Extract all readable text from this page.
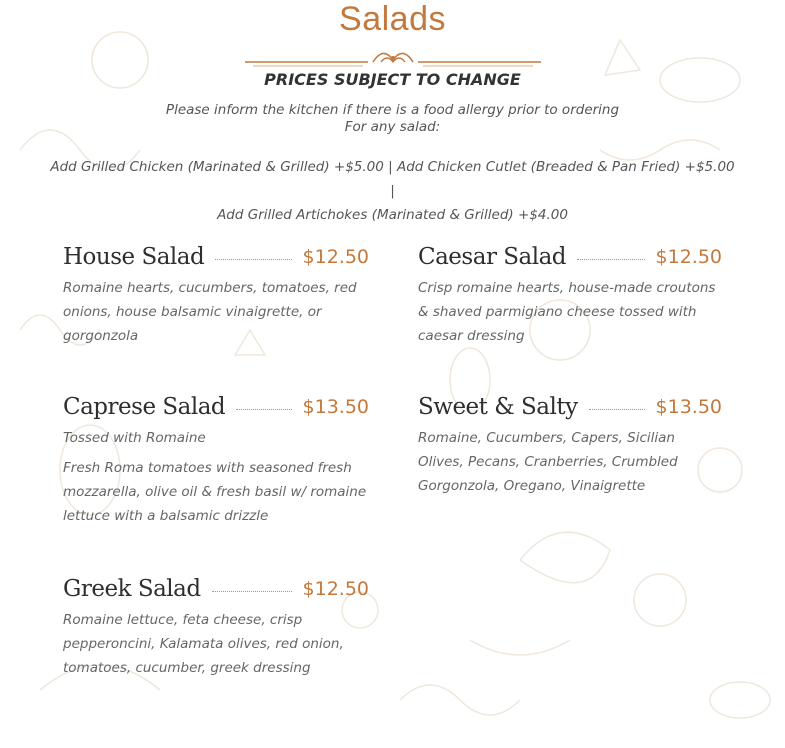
Salads
PRICES SUBJECT TO CHANGE
Please inform the kitchen if there is a food allergy prior to ordering
For any salad:
Add Grilled Chicken (Marinated & Grilled) +$5.00 | Add Chicken Cutlet (Breaded & Pan Fried) +$5.00 |
Add Grilled Artichokes (Marinated & Grilled) +$4.00
House Salad	$12.50
Romaine hearts, cucumbers, tomatoes, red onions, house balsamic vinaigrette, or gorgonzola
Caesar Salad	$12.50
Crisp romaine hearts, house-made croutons & shaved parmigiano cheese tossed with caesar dressing
Caprese Salad	$13.50
Tossed with Romaine
Fresh Roma tomatoes with seasoned fresh mozzarella, olive oil & fresh basil w/ romaine lettuce with a balsamic drizzle
Sweet & Salty	$13.50
Romaine, Cucumbers, Capers, Sicilian Olives, Pecans, Cranberries, Crumbled Gorgonzola, Oregano, Vinaigrette
Greek Salad	$12.50
Romaine lettuce, feta cheese, crisp pepperoncini, Kalamata olives, red onion, tomatoes, cucumber, greek dressing
